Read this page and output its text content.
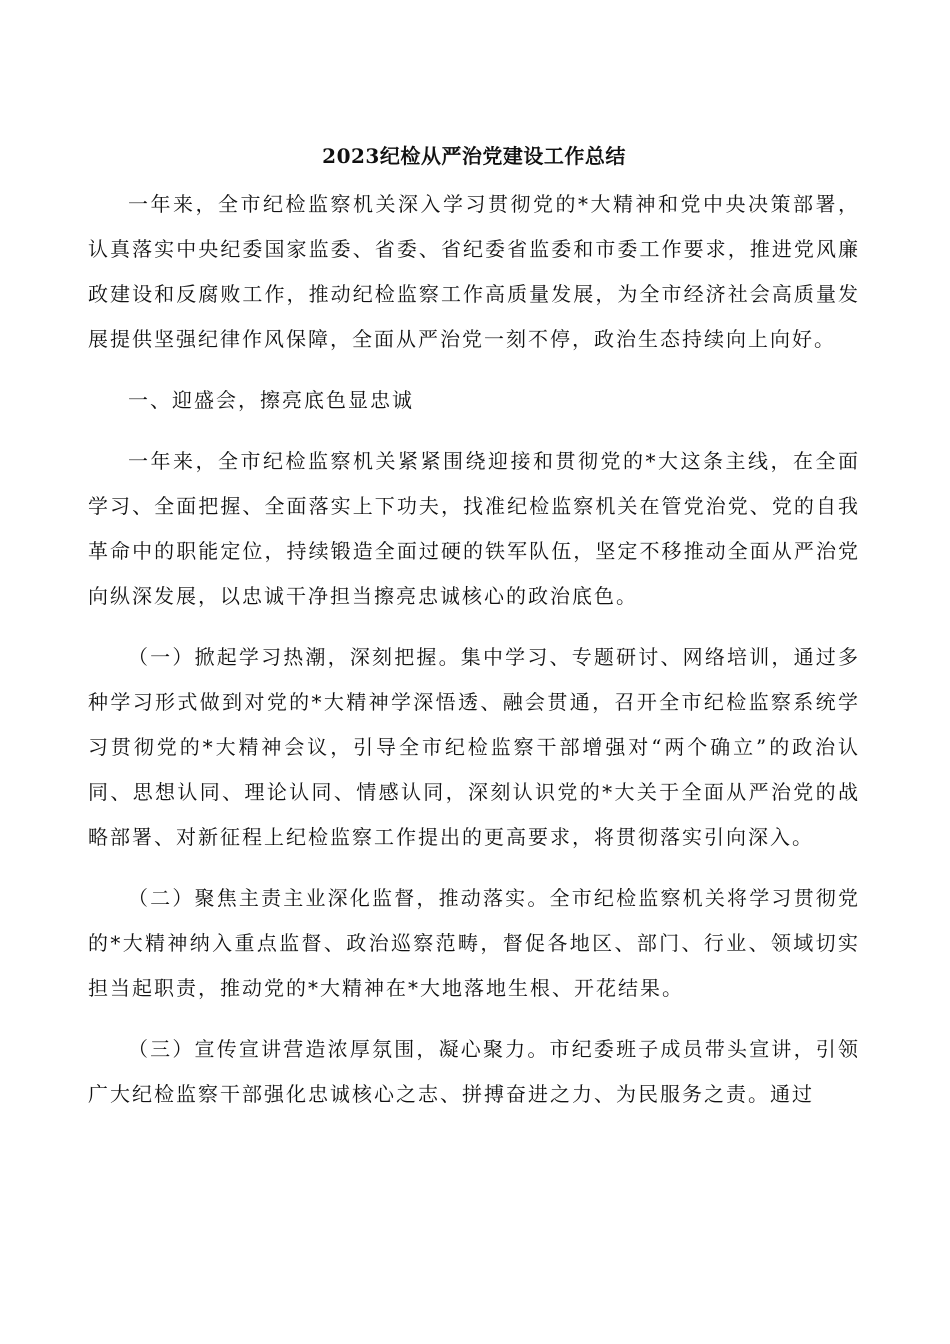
2023纪检从严治党建设工作总结

一年来，全市纪检监察机关深入学习贯彻党的*大精神和党中央决策部署，认真落实中央纪委国家监委、省委、省纪委省监委和市委工作要求，推进党风廉政建设和反腐败工作，推动纪检监察工作高质量发展，为全市经济社会高质量发展提供坚强纪律作风保障，全面从严治党一刻不停，政治生态持续向上向好。

一、迎盛会，擦亮底色显忠诚

一年来，全市纪检监察机关紧紧围绕迎接和贯彻党的*大这条主线，在全面学习、全面把握、全面落实上下功夫，找准纪检监察机关在管党治党、党的自我革命中的职能定位，持续锻造全面过硬的铁军队伍，坚定不移推动全面从严治党向纵深发展，以忠诚干净担当擦亮忠诚核心的政治底色。

（一）掀起学习热潮，深刻把握。集中学习、专题研讨、网络培训，通过多种学习形式做到对党的*大精神学深悟透、融会贯通，召开全市纪检监察系统学习贯彻党的*大精神会议，引导全市纪检监察干部增强对“两个确立”的政治认同、思想认同、理论认同、情感认同，深刻认识党的*大关于全面从严治党的战略部署、对新征程上纪检监察工作提出的更高要求，将贯彻落实引向深入。

（二）聚焦主责主业深化监督，推动落实。全市纪检监察机关将学习贯彻党的*大精神纳入重点监督、政治巡察范畴，督促各地区、部门、行业、领域切实担当起职责，推动党的*大精神在*大地落地生根、开花结果。

（三）宣传宣讲营造浓厚氛围，凝心聚力。市纪委班子成员带头宣讲，引领广大纪检监察干部强化忠诚核心之志、拼搏奋进之力、为民服务之责。通过
